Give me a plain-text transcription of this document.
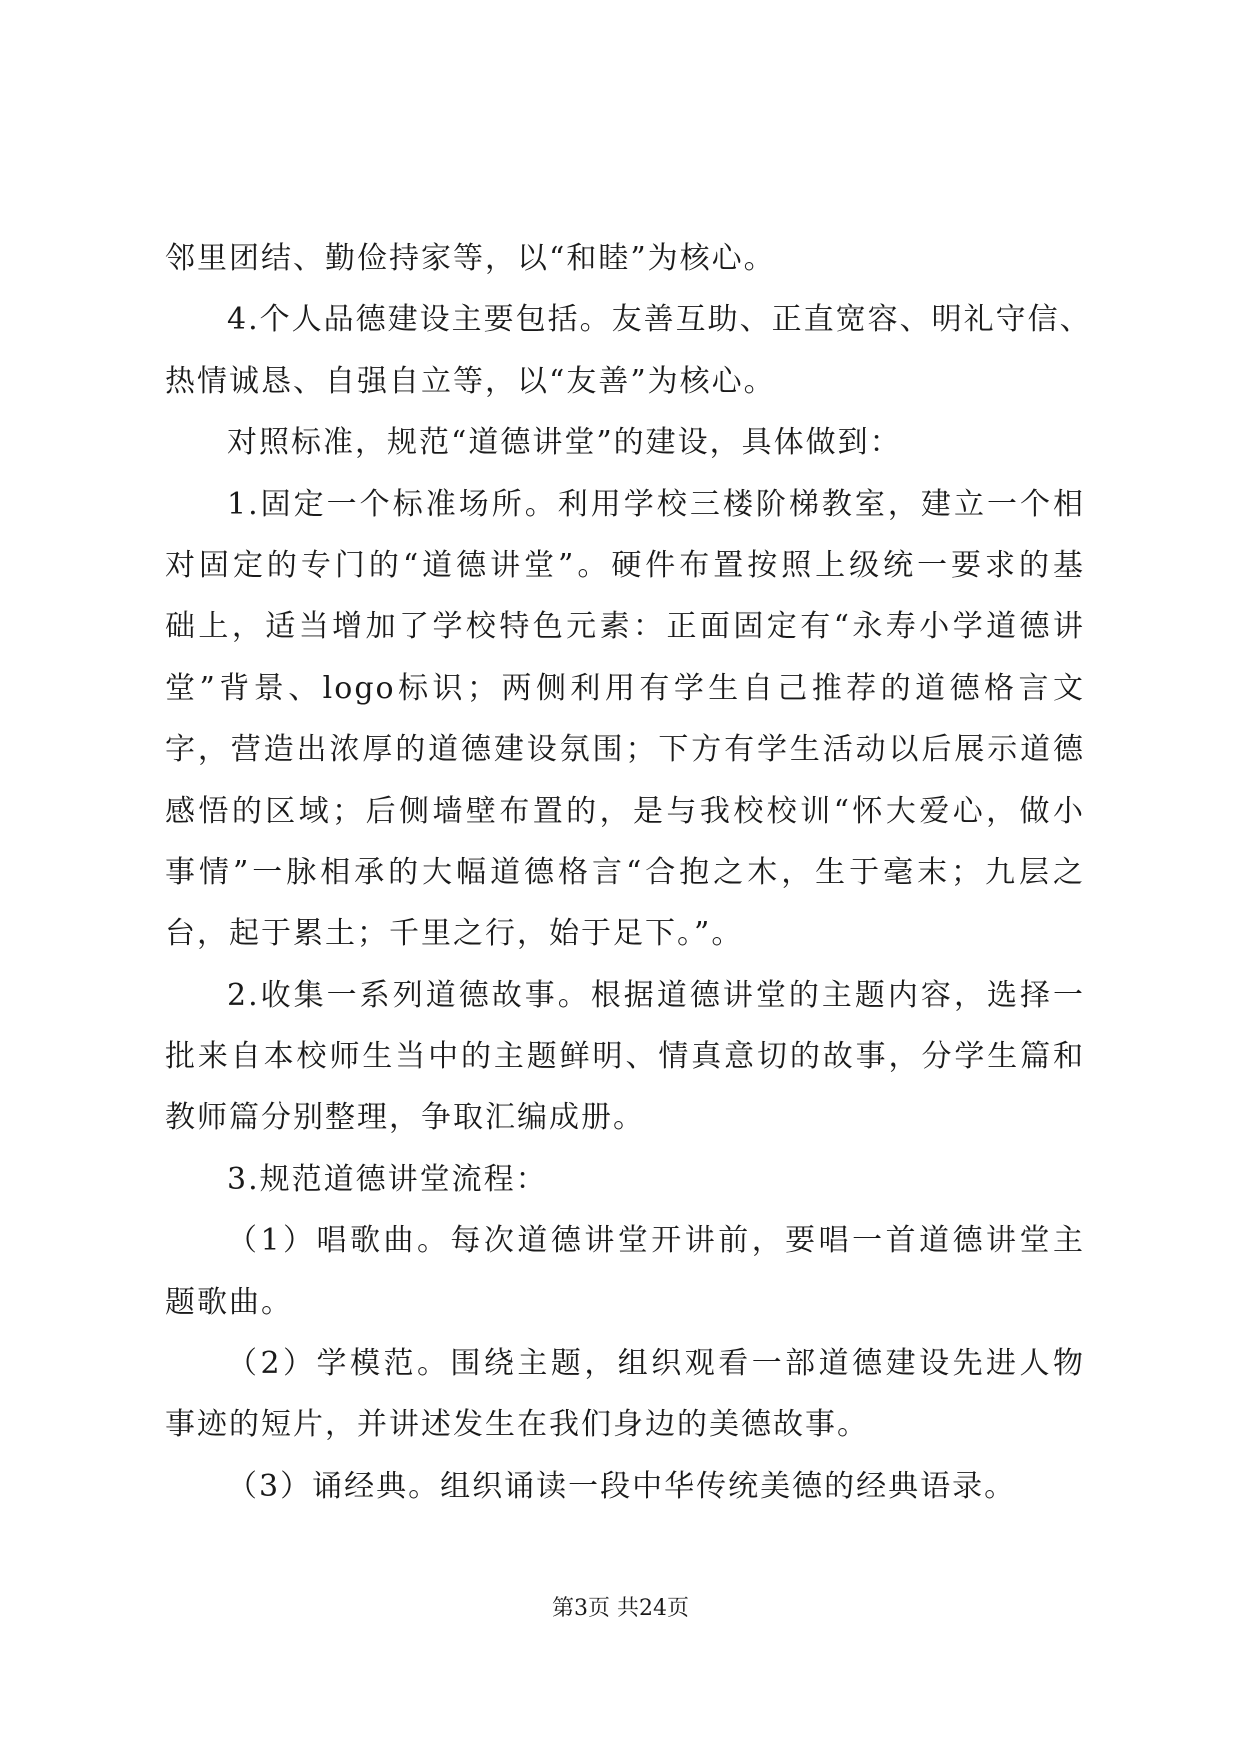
邻里团结、勤俭持家等，以“和睦”为核心。
4.个人品德建设主要包括。友善互助、正直宽容、明礼守信、
热情诚恳、自强自立等，以“友善”为核心。
对照标准，规范“道德讲堂”的建设，具体做到：
1.固定一个标准场所。利用学校三楼阶梯教室，建立一个相
对固定的专门的“道德讲堂”。硬件布置按照上级统一要求的基
础上，适当增加了学校特色元素：正面固定有“永寿小学道德讲
堂”背景、logo标识；两侧利用有学生自己推荐的道德格言文
字，营造出浓厚的道德建设氛围；下方有学生活动以后展示道德
感悟的区域；后侧墙壁布置的，是与我校校训“怀大爱心，做小
事情”一脉相承的大幅道德格言“合抱之木，生于毫末；九层之
台，起于累土；千里之行，始于足下。”。
2.收集一系列道德故事。根据道德讲堂的主题内容，选择一
批来自本校师生当中的主题鲜明、情真意切的故事，分学生篇和
教师篇分别整理，争取汇编成册。
3.规范道德讲堂流程：
（1）唱歌曲。每次道德讲堂开讲前，要唱一首道德讲堂主
题歌曲。
（2）学模范。围绕主题，组织观看一部道德建设先进人物
事迹的短片，并讲述发生在我们身边的美德故事。
（3）诵经典。组织诵读一段中华传统美德的经典语录。
第3页 共24页
